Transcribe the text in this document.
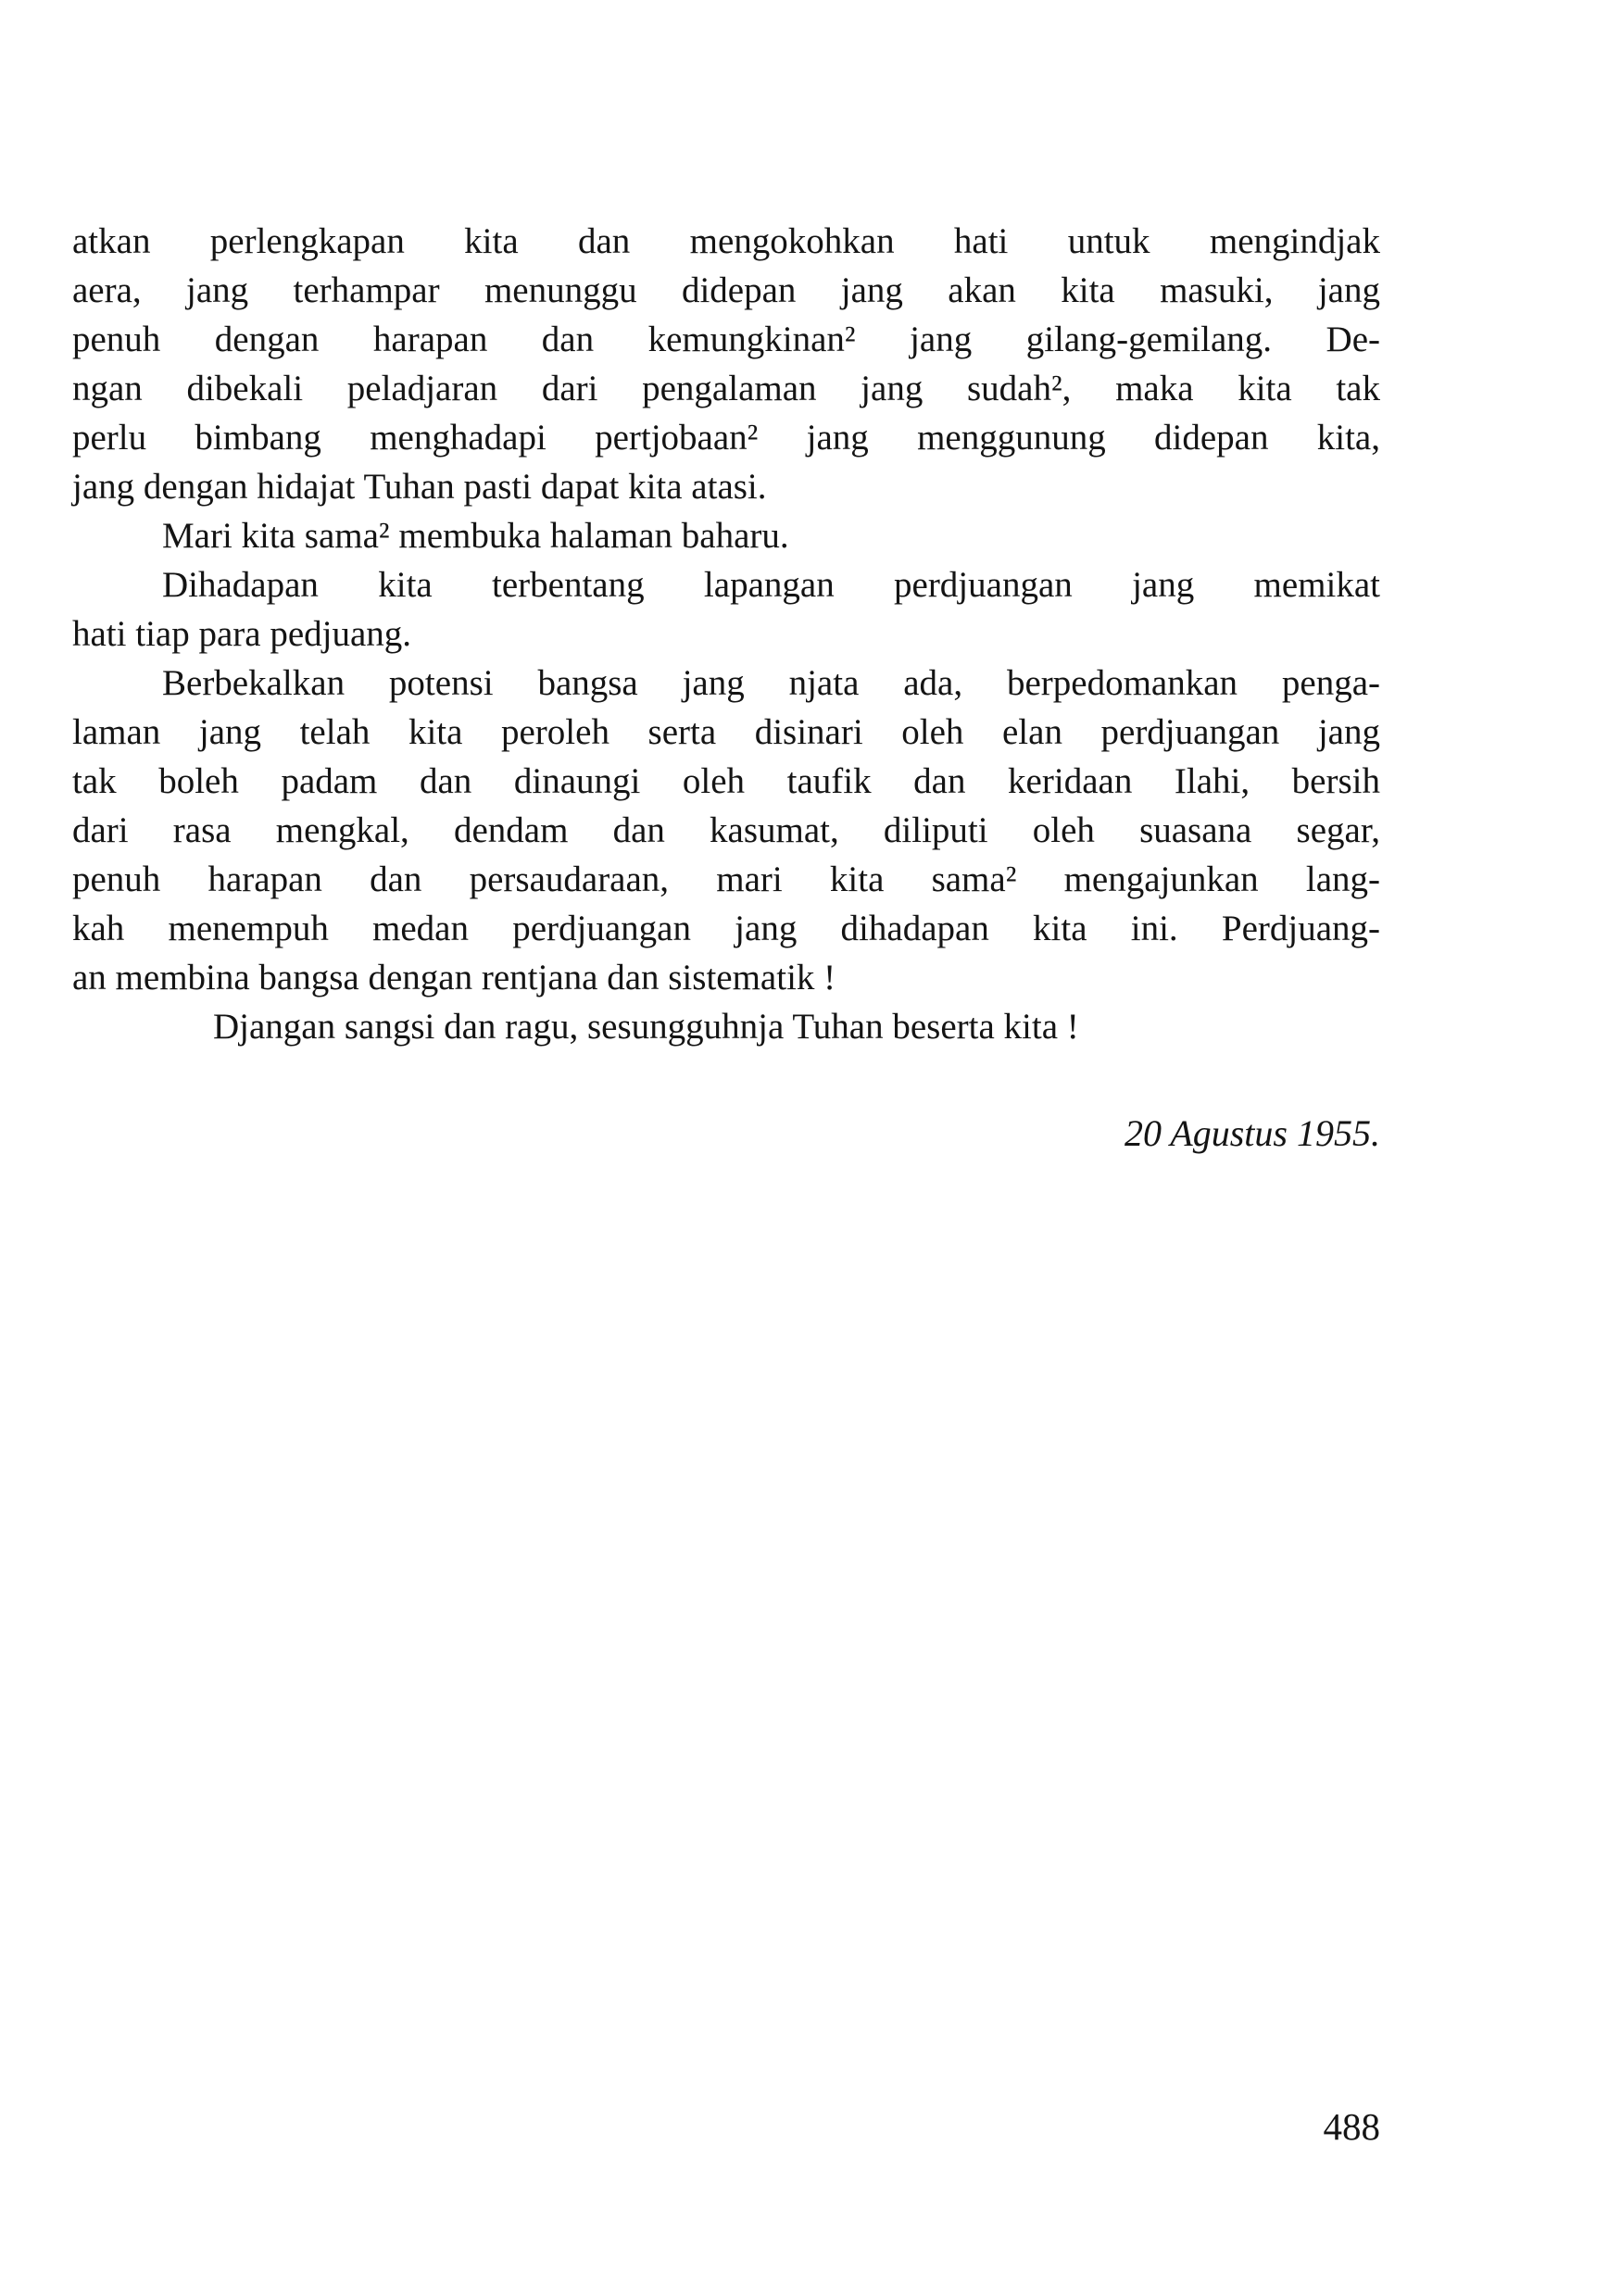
atkan perlengkapan kita dan mengokohkan hati untuk mengindjak
aera, jang terhampar menunggu didepan jang akan kita masuki, jang
penuh dengan harapan dan kemungkinan² jang gilang-gemilang. De-
ngan dibekali peladjaran dari pengalaman jang sudah², maka kita tak
perlu bimbang menghadapi pertjobaan² jang menggunung didepan kita,
jang dengan hidajat Tuhan pasti dapat kita atasi.
Mari kita sama² membuka halaman baharu.
Dihadapan kita terbentang lapangan perdjuangan jang memikat
hati tiap para pedjuang.
Berbekalkan potensi bangsa jang njata ada, berpedomankan penga-
laman jang telah kita peroleh serta disinari oleh elan perdjuangan jang
tak boleh padam dan dinaungi oleh taufik dan keridaan Ilahi, bersih
dari rasa mengkal, dendam dan kasumat, diliputi oleh suasana segar,
penuh harapan dan persaudaraan, mari kita sama² mengajunkan lang-
kah menempuh medan perdjuangan jang dihadapan kita ini. Perdjuang-
an membina bangsa dengan rentjana dan sistematik !
Djangan sangsi dan ragu, sesungguhnja Tuhan beserta kita !
20 Agustus 1955.
488
